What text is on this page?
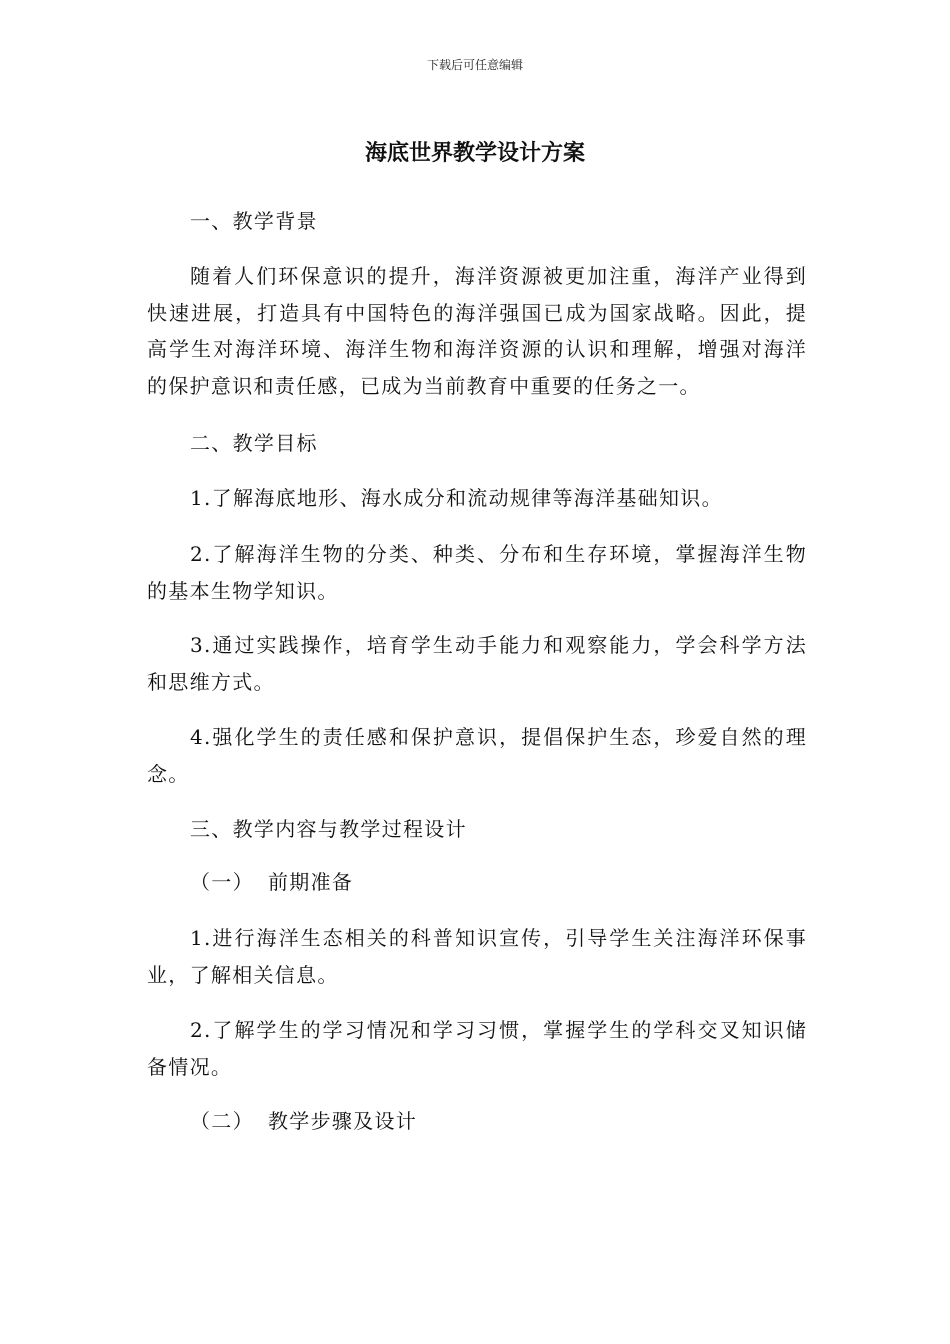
下载后可任意编辑
海底世界教学设计方案
一、教学背景
随着人们环保意识的提升，海洋资源被更加注重，海洋产业得到快速进展，打造具有中国特色的海洋强国已成为国家战略。因此，提高学生对海洋环境、海洋生物和海洋资源的认识和理解，增强对海洋的保护意识和责任感，已成为当前教育中重要的任务之一。
二、教学目标
1.了解海底地形、海水成分和流动规律等海洋基础知识。
2.了解海洋生物的分类、种类、分布和生存环境，掌握海洋生物的基本生物学知识。
3.通过实践操作，培育学生动手能力和观察能力，学会科学方法和思维方式。
4.强化学生的责任感和保护意识，提倡保护生态，珍爱自然的理念。
三、教学内容与教学过程设计
（一） 前期准备
1.进行海洋生态相关的科普知识宣传，引导学生关注海洋环保事业，了解相关信息。
2.了解学生的学习情况和学习习惯，掌握学生的学科交叉知识储备情况。
（二） 教学步骤及设计
